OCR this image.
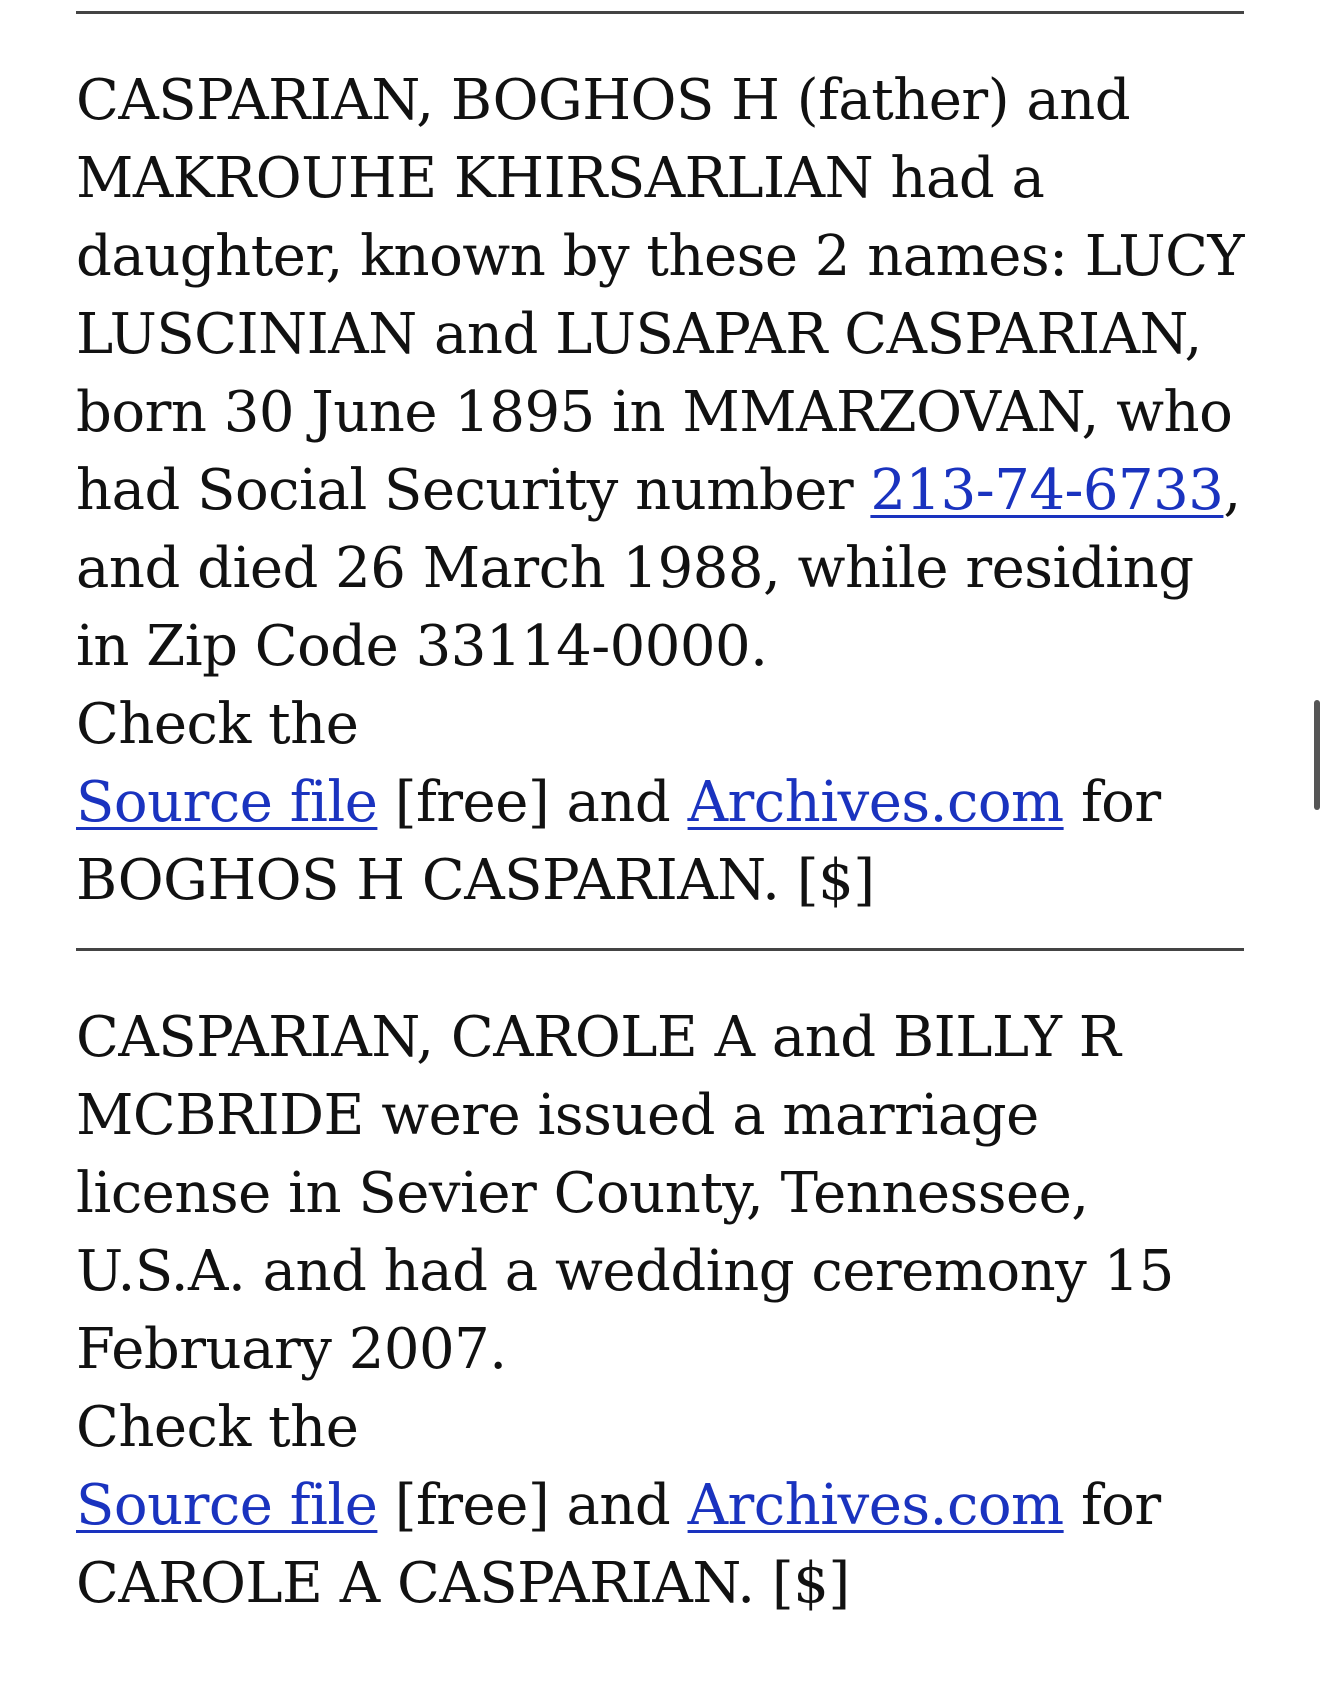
CASPARIAN, BOGHOS H (father) and MAKROUHE KHIRSARLIAN had a daughter, known by these 2 names: LUCY LUSCINIAN and LUSAPAR CASPARIAN, born 30 June 1895 in MMARZOVAN, who had Social Security number 213-74-6733, and died 26 March 1988, while residing in Zip Code 33114-0000.

Check the
Source file [free] and Archives.com for
BOGHOS H CASPARIAN. [$]

CASPARIAN, CAROLE A and BILLY R MCBRIDE were issued a marriage license in Sevier County, Tennessee, U.S.A. and had a wedding ceremony 15 February 2007.

Check the
Source file [free] and Archives.com for
CAROLE A CASPARIAN. [$]
